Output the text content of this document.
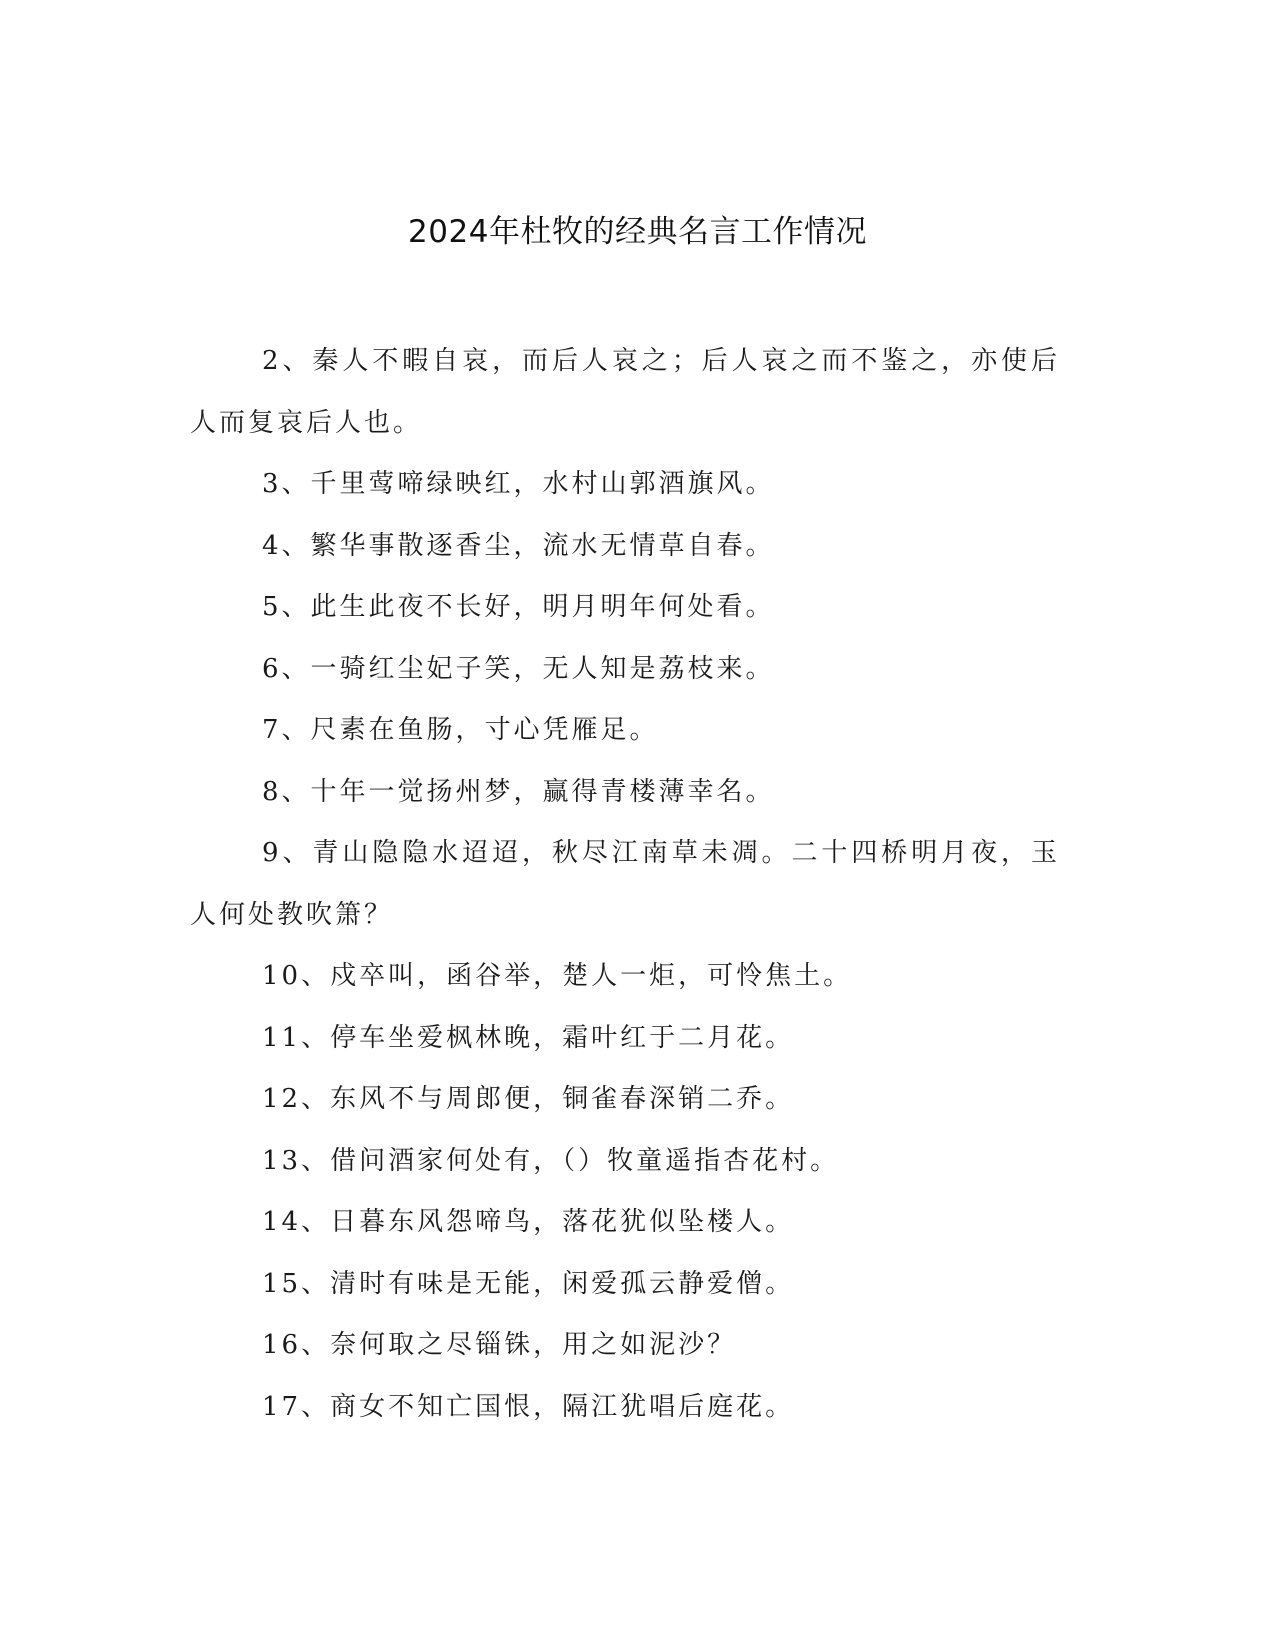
2024年杜牧的经典名言工作情况

2、秦人不暇自哀，而后人哀之；后人哀之而不鉴之，亦使后人而复哀后人也。

3、千里莺啼绿映红，水村山郭酒旗风。

4、繁华事散逐香尘，流水无情草自春。

5、此生此夜不长好，明月明年何处看。

6、一骑红尘妃子笑，无人知是荔枝来。

7、尺素在鱼肠，寸心凭雁足。

8、十年一觉扬州梦，赢得青楼薄幸名。

9、青山隐隐水迢迢，秋尽江南草未凋。二十四桥明月夜，玉人何处教吹箫？

10、戍卒叫，函谷举，楚人一炬，可怜焦土。

11、停车坐爱枫林晚，霜叶红于二月花。

12、东风不与周郎便，铜雀春深销二乔。

13、借问酒家何处有，（）牧童遥指杏花村。

14、日暮东风怨啼鸟，落花犹似坠楼人。

15、清时有味是无能，闲爱孤云静爱僧。

16、奈何取之尽锱铢，用之如泥沙？

17、商女不知亡国恨，隔江犹唱后庭花。
